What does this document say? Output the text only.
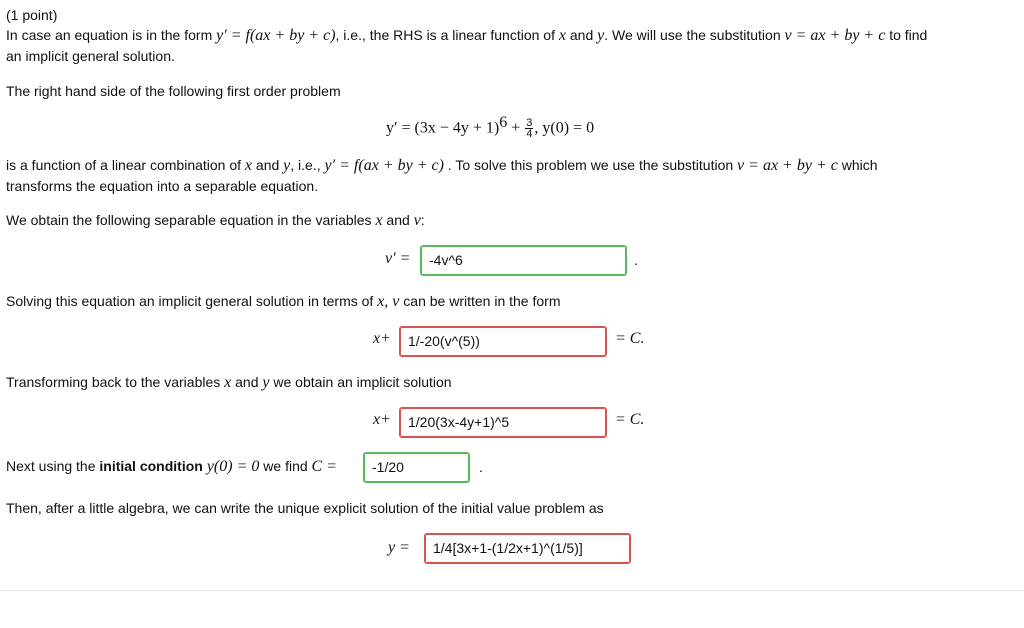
(1 point)
In case an equation is in the form y′ = f(ax + by + c), i.e., the RHS is a linear function of x and y. We will use the substitution v = ax + by + c to find
an implicit general solution.
The right hand side of the following first order problem
$y' = (3x - 4y + 1)^6 + \frac{3}{4}$ , y(0) = 0
is a function of a linear combination of x and y, i.e., y′ = f(ax + by + c) . To solve this problem we use the substitution v = ax + by + c which
transforms the equation into a separable equation.
We obtain the following separable equation in the variables x and v:
v′ =	-4v^6	.
Solving this equation an implicit general solution in terms of x, v can be written in the form
x+	1/-20(v^(5))	= C.
Transforming back to the variables x and y we obtain an implicit solution
x+	1/20(3x-4y+1)^5	= C.
Next using the initial condition y(0) = 0 we find C =	-1/20	.
Then, after a little algebra, we can write the unique explicit solution of the initial value problem as
y =	1/4[3x+1-(1/2x+1)^(1/5)]
